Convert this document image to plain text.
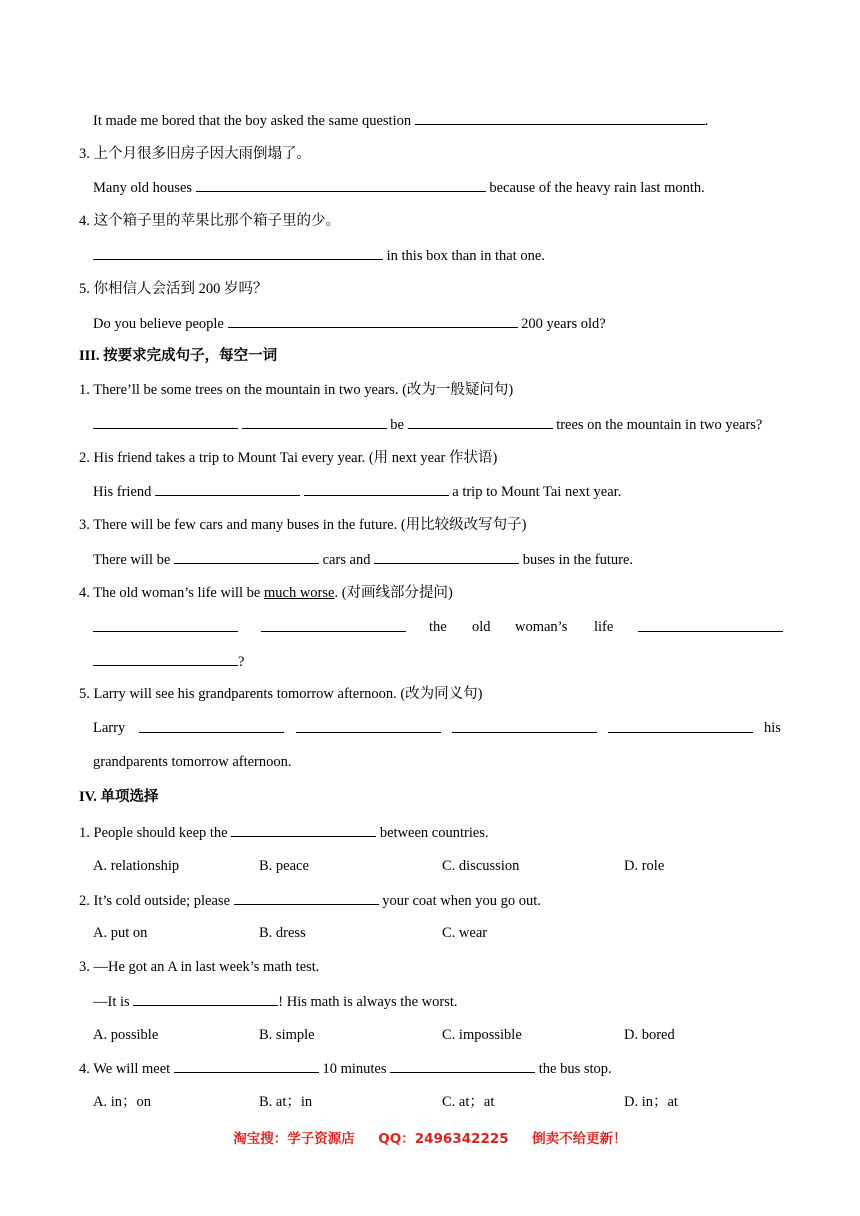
It made me bored that the boy asked the same question	.
3. 上个月很多旧房子因大雨倒塌了。
Many old houses	because of the heavy rain last month.
4. 这个箱子里的苹果比那个箱子里的少。
in this box than in that one.
5. 你相信人会活到 200 岁吗？
Do you believe people	200 years old?
III. 按要求完成句子，每空一词
1. There’ll be some trees on the mountain in two years. (改为一般疑问句)
be	trees on the mountain in two years?
2. His friend takes a trip to Mount Tai every year. (用 next year 作状语)
His friend	a trip to Mount Tai next year.
3. There will be few cars and many buses in the future. (用比较级改写句子)
There will be	cars and	buses in the future.
4. The old woman’s life will be much worse. (对画线部分提问)
the old woman’s life
?
5. Larry will see his grandparents tomorrow afternoon. (改为同义句)
Larry	his
grandparents tomorrow afternoon.
IV. 单项选择
1. People should keep the	between countries.
A. relationship	B. peace	C. discussion	D. role
2. It’s cold outside; please	your coat when you go out.
A. put on	B. dress	C. wear
3. —He got an A in last week’s math test.
—It is	! His math is always the worst.
A. possible	B. simple	C. impossible	D. bored
4. We will meet	10 minutes	the bus stop.
A. in；on	B. at；in	C. at；at	D. in；at
淘宝搜：学子资源店     QQ：2496342225     倒卖不给更新！
